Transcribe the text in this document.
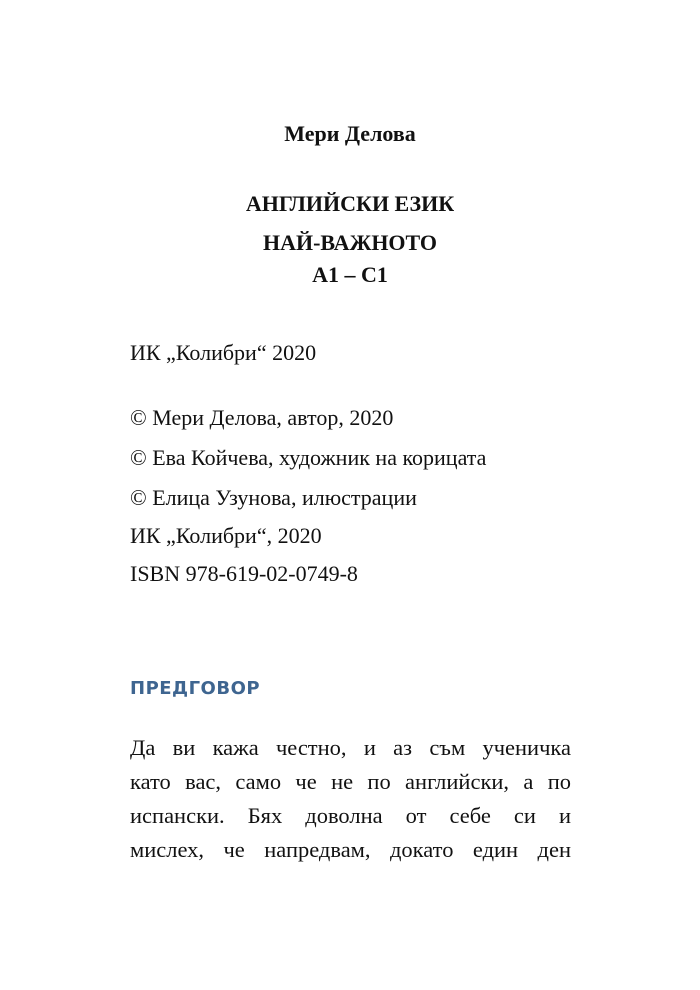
Мери Делова
АНГЛИЙСКИ ЕЗИК
НАЙ-ВАЖНОТО
А1 – С1
ИК „Колибри“ 2020
© Мери Делова, автор, 2020
© Ева Койчева, художник на корицата
© Елица Узунова, илюстрации
ИК „Колибри“, 2020
ISBN 978-619-02-0749-8
ПРЕДГОВОР
Да ви кажа честно, и аз съм ученичка
като вас, само че не по английски, а по
испански. Бях доволна от себе си и
мислех, че напредвам, докато един ден
